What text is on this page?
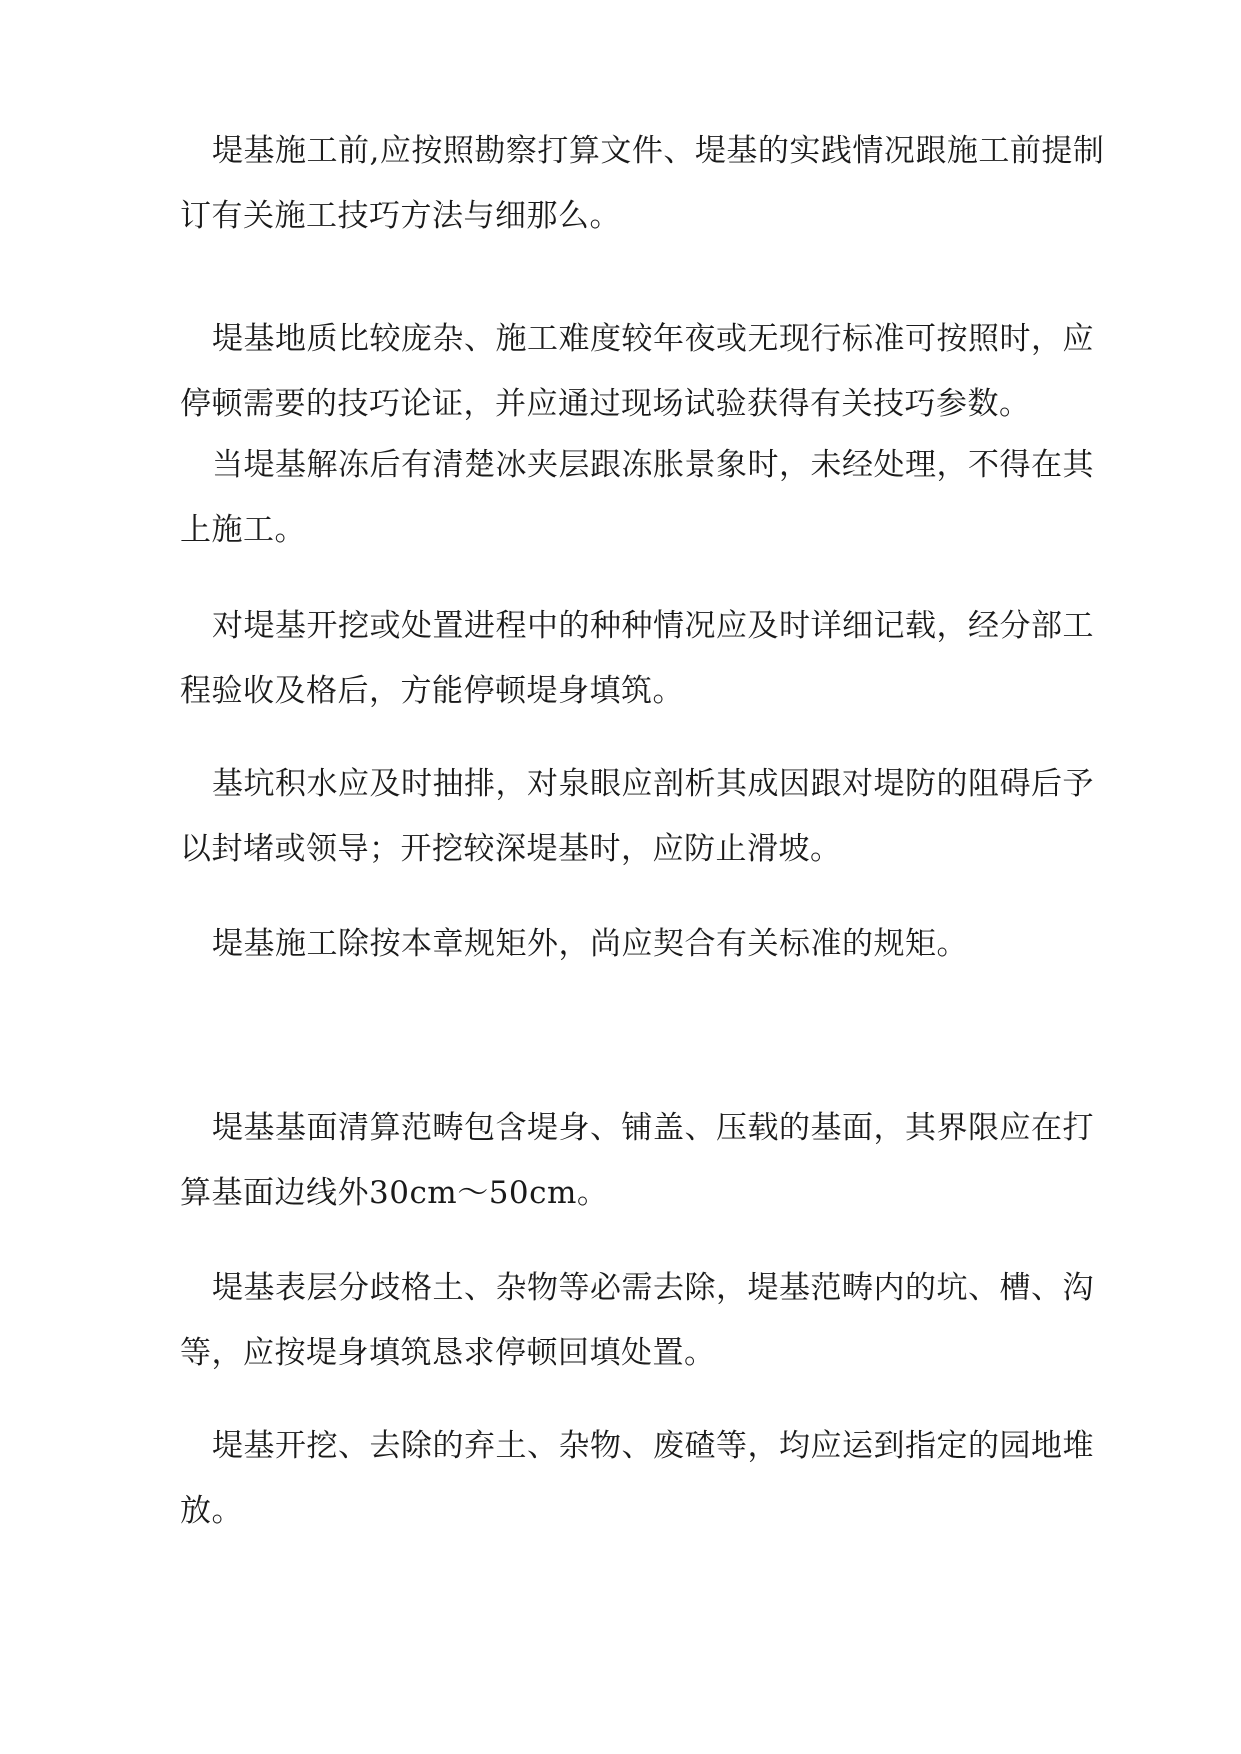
堤基施工前,应按照勘察打算文件、堤基的实践情况跟施工前提制订有关施工技巧方法与细那么。

堤基地质比较庞杂、施工难度较年夜或无现行标准可按照时，应停顿需要的技巧论证，并应通过现场试验获得有关技巧参数。

当堤基解冻后有清楚冰夹层跟冻胀景象时，未经处理，不得在其上施工。

对堤基开挖或处置进程中的种种情况应及时详细记载，经分部工程验收及格后，方能停顿堤身填筑。

基坑积水应及时抽排，对泉眼应剖析其成因跟对堤防的阻碍后予以封堵或领导；开挖较深堤基时，应防止滑坡。

堤基施工除按本章规矩外，尚应契合有关标准的规矩。

堤基基面清算范畴包含堤身、铺盖、压载的基面，其界限应在打算基面边线外30cm～50cm。

堤基表层分歧格土、杂物等必需去除，堤基范畴内的坑、槽、沟等，应按堤身填筑恳求停顿回填处置。

堤基开挖、去除的弃土、杂物、废碴等，均应运到指定的园地堆放。
